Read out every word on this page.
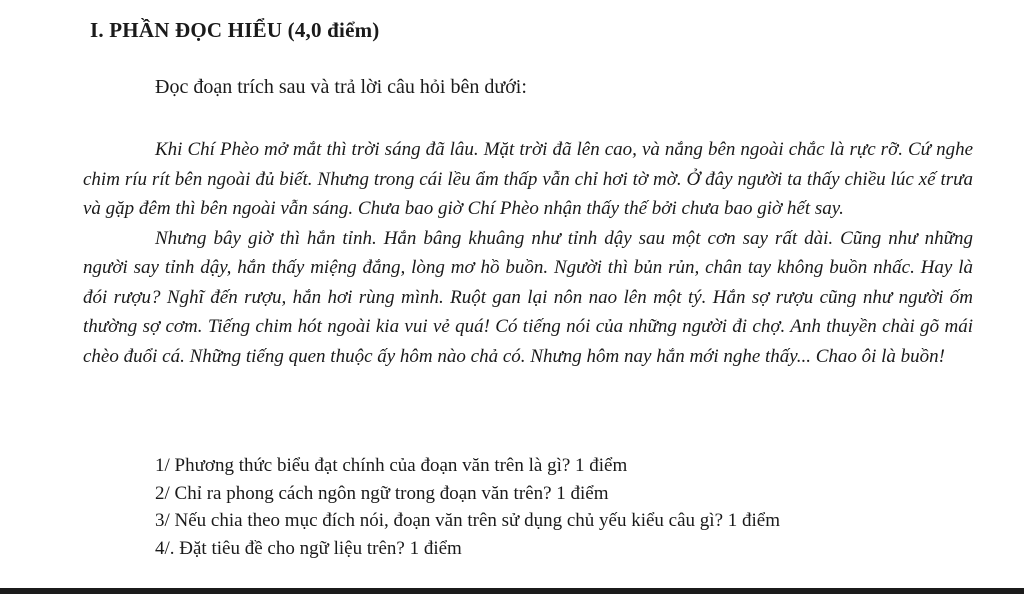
I. PHẦN ĐỌC HIỂU (4,0 điểm)
Đọc đoạn trích sau và trả lời câu hỏi bên dưới:

Khi Chí Phèo mở mắt thì trời sáng đã lâu. Mặt trời đã lên cao, và nắng bên ngoài chắc là rực rỡ. Cứ nghe chim ríu rít bên ngoài đủ biết. Nhưng trong cái lều ẩm thấp vẫn chỉ hơi tờ mờ. Ở đây người ta thấy chiều lúc xế trưa và gặp đêm thì bên ngoài vẫn sáng. Chưa bao giờ Chí Phèo nhận thấy thế bởi chưa bao giờ hết say.

Nhưng bây giờ thì hắn tỉnh. Hắn bâng khuâng như tỉnh dậy sau một cơn say rất dài. Cũng như những người say tỉnh dậy, hắn thấy miệng đắng, lòng mơ hồ buồn. Người thì bủn rủn, chân tay không buồn nhấc. Hay là đói rượu? Nghĩ đến rượu, hắn hơi rùng mình. Ruột gan lại nôn nao lên một tý. Hắn sợ rượu cũng như người ốm thường sợ cơm. Tiếng chim hót ngoài kia vui vẻ quá! Có tiếng nói của những người đi chợ. Anh thuyền chài gõ mái chèo đuổi cá. Những tiếng quen thuộc ấy hôm nào chả có. Nhưng hôm nay hắn mới nghe thấy... Chao ôi là buồn!

1/ Phương thức biểu đạt chính của đoạn văn trên là gì? 1 điểm
2/ Chỉ ra phong cách ngôn ngữ trong đoạn văn trên? 1 điểm
3/ Nếu chia theo mục đích nói, đoạn văn trên sử dụng chủ yếu kiểu câu gì? 1 điểm
4/. Đặt tiêu đề cho ngữ liệu trên? 1 điểm
